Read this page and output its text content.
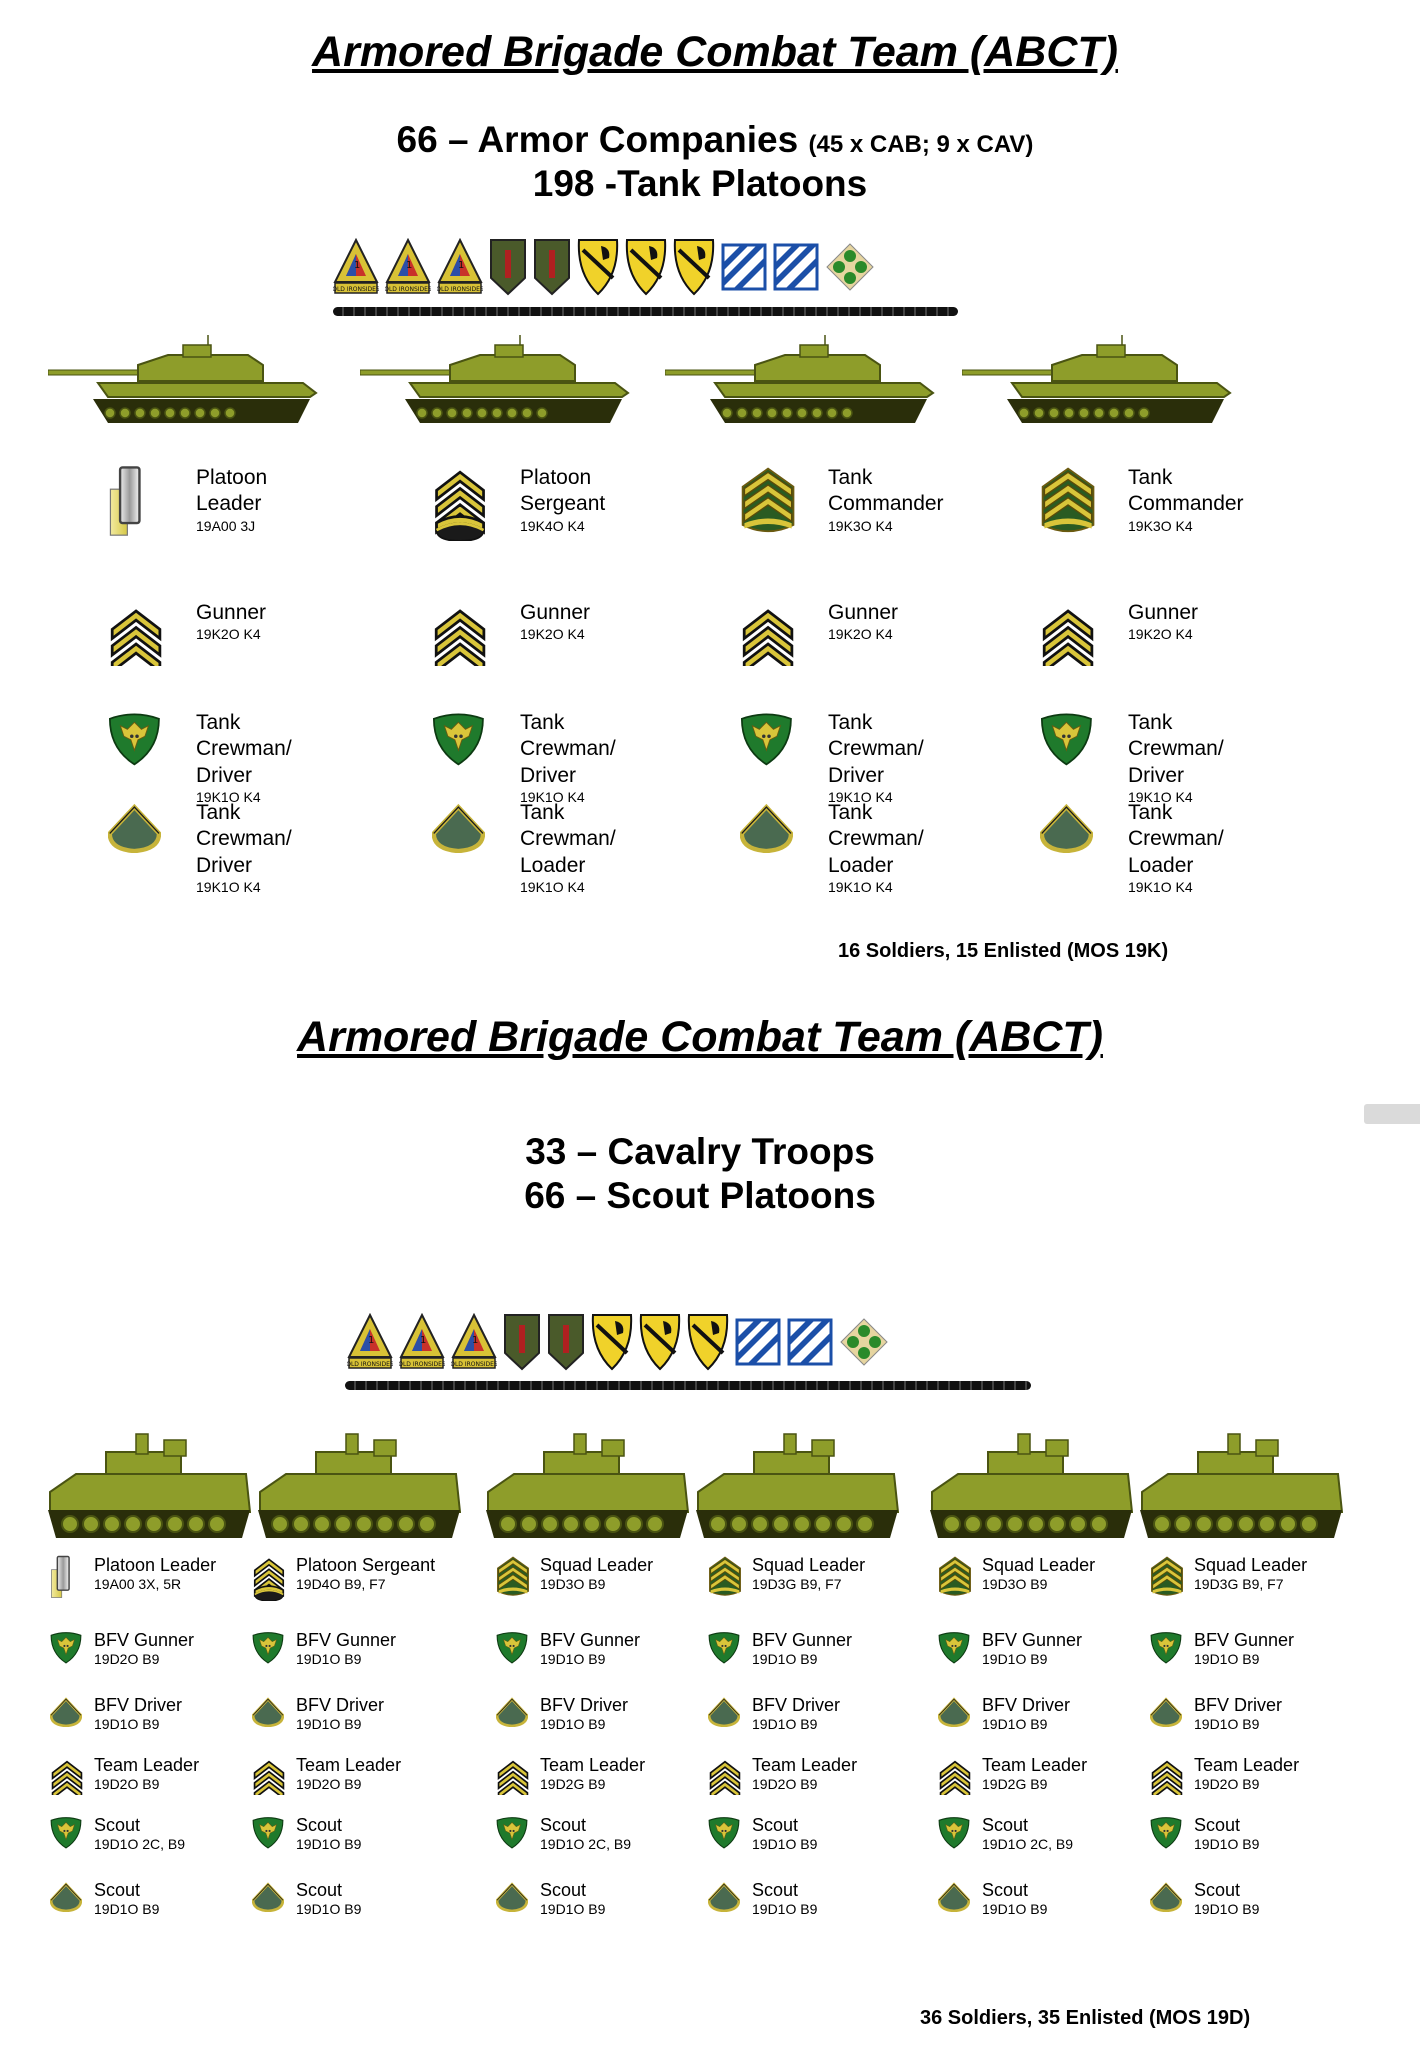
Armored Brigade Combat Team (ABCT)
66 – Armor Companies (45 x CAB; 9 x CAV)
198 -Tank Platoons
1
OLD IRONSIDES
1
OLD IRONSIDES
1
OLD IRONSIDES
Platoon
Leader
19A00 3J
Gunner
19K2O K4
Tank Crewman/
Driver
19K1O K4
Tank Crewman/
Driver
19K1O K4
Platoon
Sergeant
19K4O K4
Gunner
19K2O K4
Tank Crewman/
Driver
19K1O K4
Tank Crewman/
Loader
19K1O K4
Tank
Commander
19K3O K4
Gunner
19K2O K4
Tank Crewman/
Driver
19K1O K4
Tank Crewman/
Loader
19K1O K4
Tank
Commander
19K3O K4
Gunner
19K2O K4
Tank Crewman/
Driver
19K1O K4
Tank Crewman/
Loader
19K1O K4
16 Soldiers, 15 Enlisted (MOS 19K)
Armored Brigade Combat Team (ABCT)
33 – Cavalry Troops
66 – Scout Platoons
1
OLD IRONSIDES
1
OLD IRONSIDES
1
OLD IRONSIDES
Platoon Leader
19A00 3X, 5R
BFV Gunner
19D2O B9
BFV Driver
19D1O B9
Team Leader
19D2O B9
Scout
19D1O 2C, B9
Scout
19D1O B9
Platoon Sergeant
19D4O B9, F7
BFV Gunner
19D1O B9
BFV Driver
19D1O B9
Team Leader
19D2O B9
Scout
19D1O B9
Scout
19D1O B9
Squad Leader
19D3O B9
BFV Gunner
19D1O B9
BFV Driver
19D1O B9
Team Leader
19D2G B9
Scout
19D1O 2C, B9
Scout
19D1O B9
Squad Leader
19D3G B9, F7
BFV Gunner
19D1O B9
BFV Driver
19D1O B9
Team Leader
19D2O B9
Scout
19D1O B9
Scout
19D1O B9
Squad Leader
19D3O B9
BFV Gunner
19D1O B9
BFV Driver
19D1O B9
Team Leader
19D2G B9
Scout
19D1O 2C, B9
Scout
19D1O B9
Squad Leader
19D3G B9, F7
BFV Gunner
19D1O B9
BFV Driver
19D1O B9
Team Leader
19D2O B9
Scout
19D1O B9
Scout
19D1O B9
36 Soldiers, 35 Enlisted (MOS 19D)
